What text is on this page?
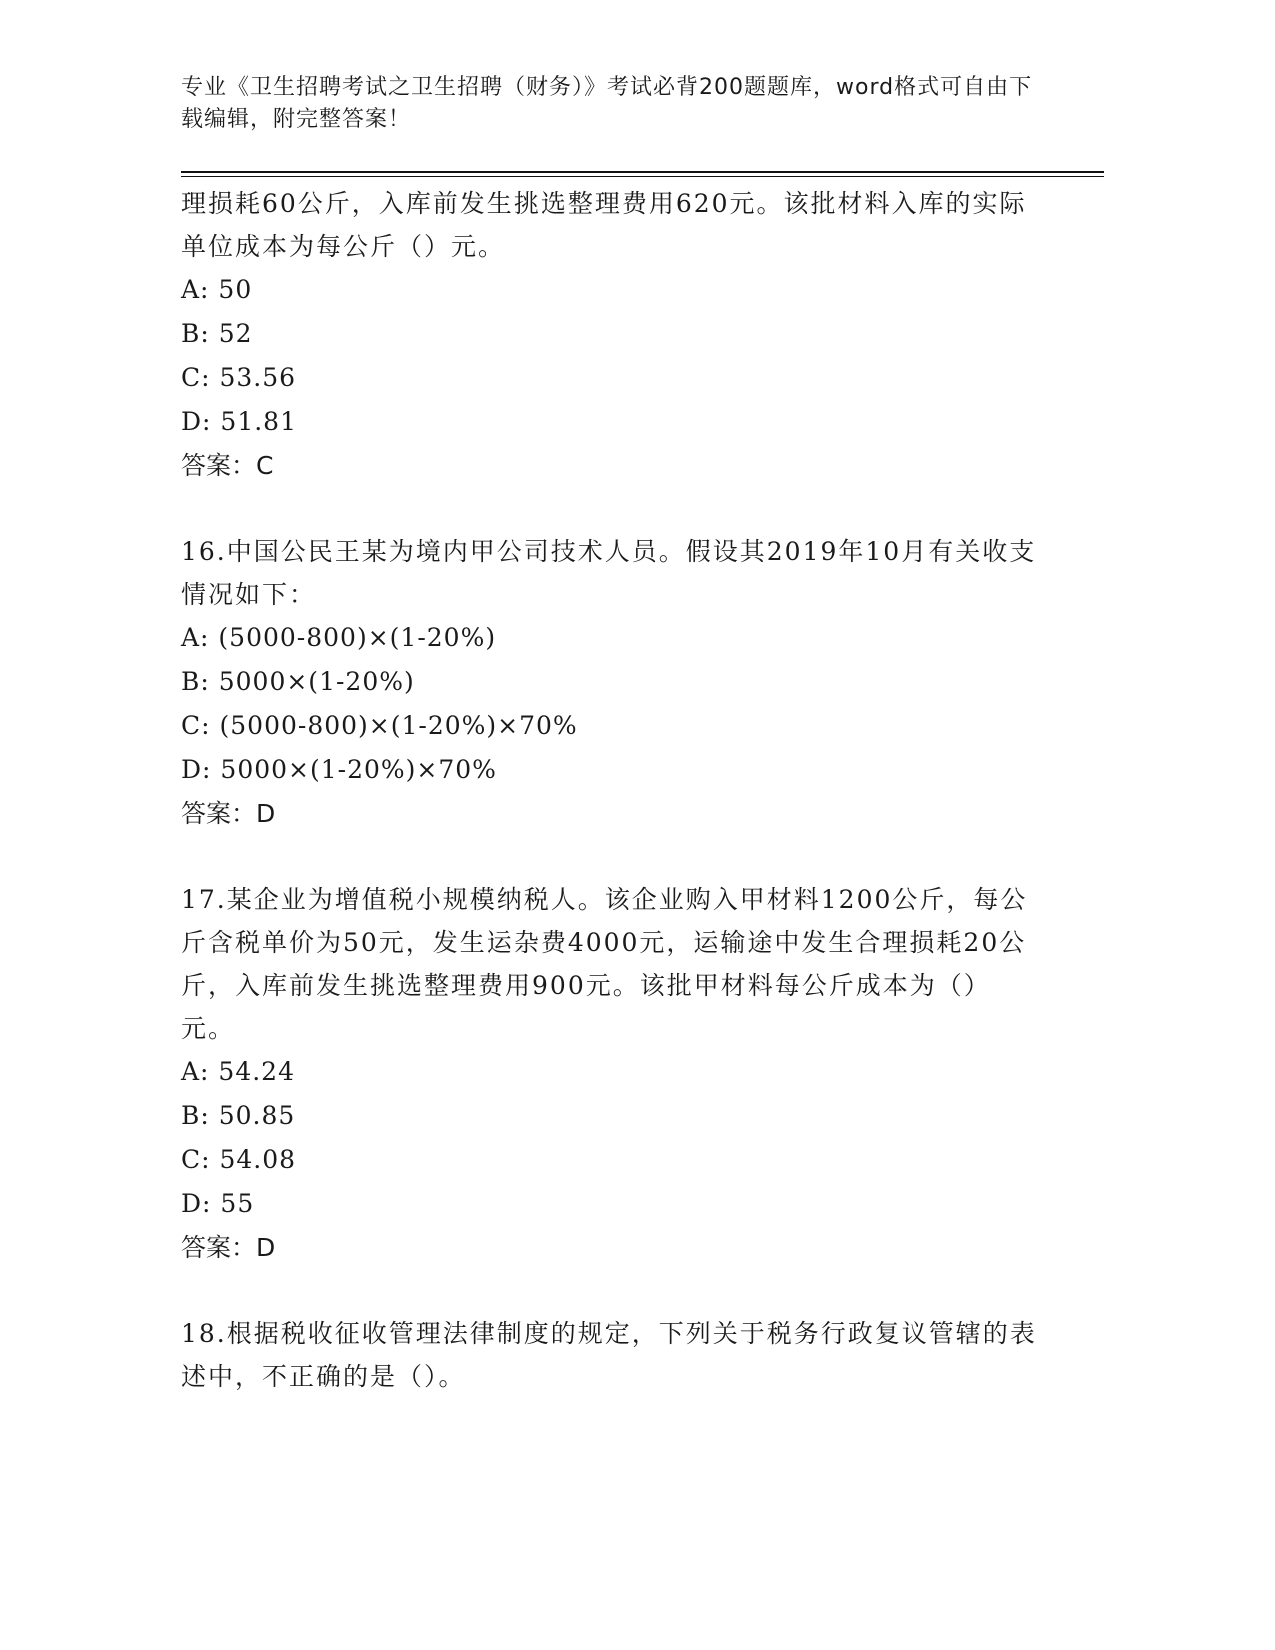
专业《卫生招聘考试之卫生招聘（财务）》考试必背200题题库，word格式可自由下载编辑，附完整答案！

理损耗60公斤，入库前发生挑选整理费用620元。该批材料入库的实际单位成本为每公斤（）元。

A: 50

B: 52

C: 53.56

D: 51.81

答案：C

16.中国公民王某为境内甲公司技术人员。假设其2019年10月有关收支情况如下：

A: (5000-800)×(1-20%)

B: 5000×(1-20%)

C: (5000-800)×(1-20%)×70%

D: 5000×(1-20%)×70%

答案：D

17.某企业为增值税小规模纳税人。该企业购入甲材料1200公斤，每公斤含税单价为50元，发生运杂费4000元，运输途中发生合理损耗20公斤，入库前发生挑选整理费用900元。该批甲材料每公斤成本为（）元。

A: 54.24

B: 50.85

C: 54.08

D: 55

答案：D

18.根据税收征收管理法律制度的规定，下列关于税务行政复议管辖的表述中，不正确的是（）。
